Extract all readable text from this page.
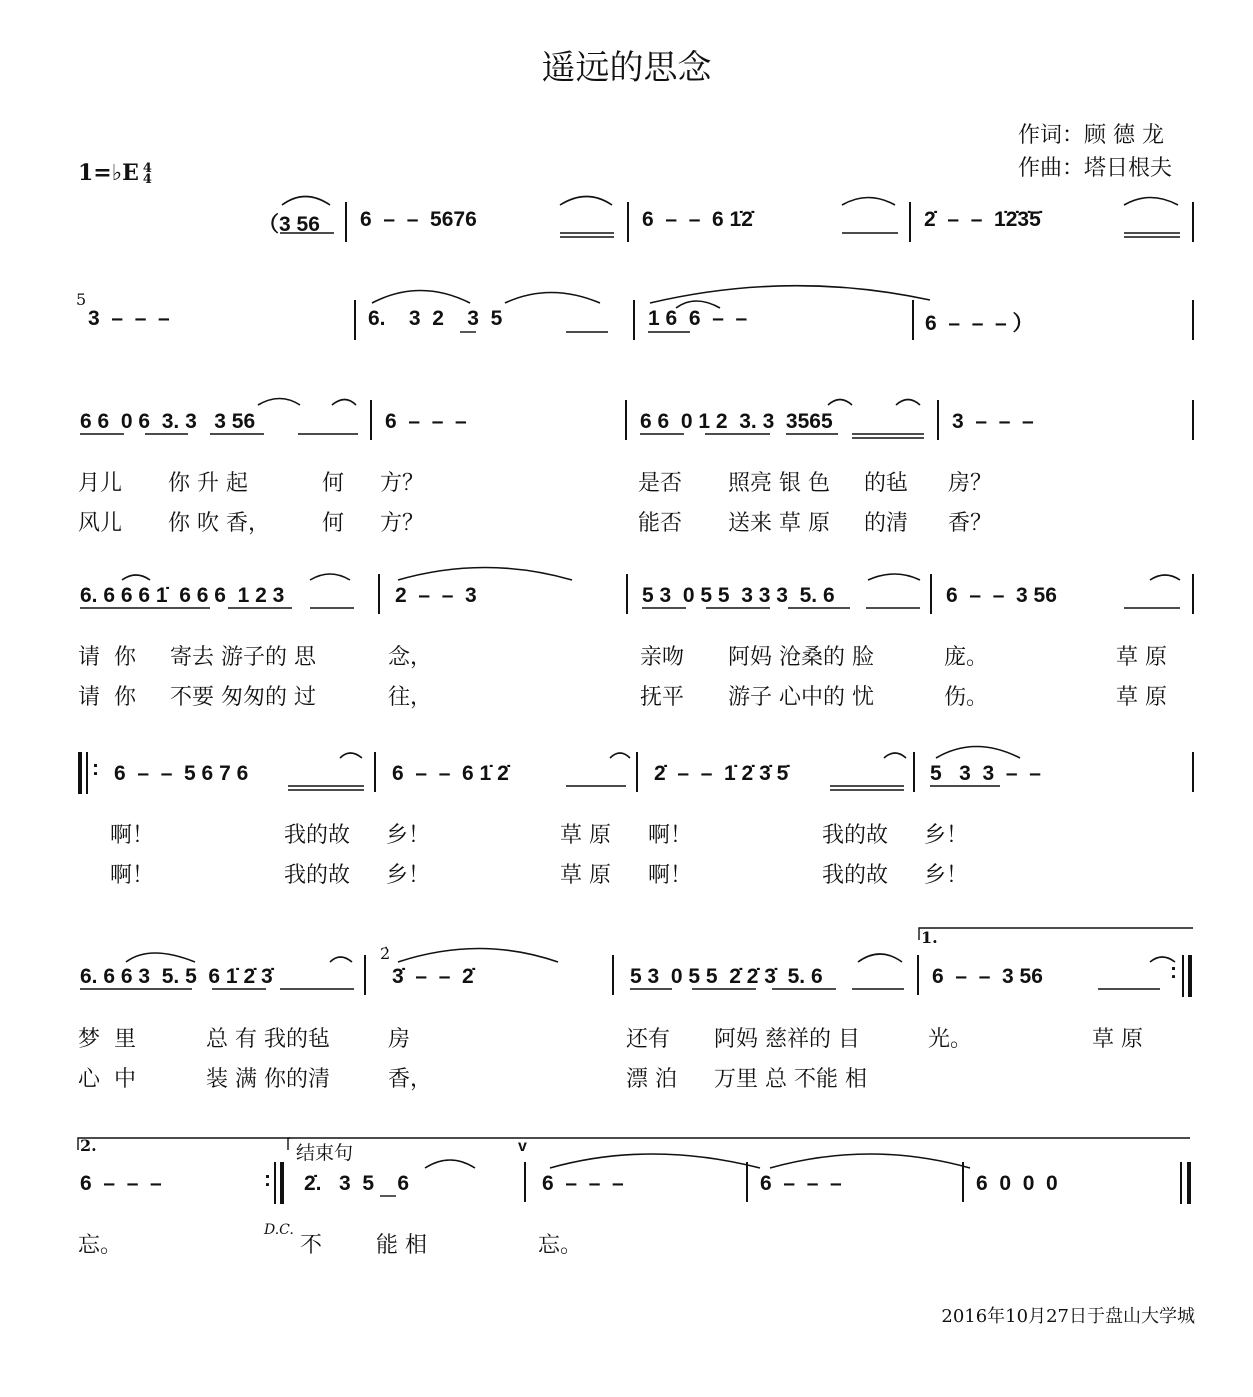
遥远的思念
作词：顾 德 龙
作曲：塔日根夫
1=♭E 4
4
（3 56 6  –  –  5676	6  –  –  6 1̇2̇	2̇  –  –  1̇2̇3̇5̇
5
3  –  –  –	6.    3  2    3  5	1 6  6  –  –	6  –  –  – ）
6 6  0 6  3. 3   3 56	6  –  –  –	6 6  0 1 2  3. 3  3565	3  –  –  –
月儿 你 升 起	何 方？	是否 照亮 银 色 的毡 房？
风儿 你 吹 香， 何 方？	能否 送来 草 原 的清 香？
6. 6 6 6 1̇  6 6 6  1 2 3	2  –  –  3	5 3  0 5 5  3 3 3  5. 6	6  –  –  3 56
请  你 寄去 游子的 思	念，	亲吻 阿妈 沧桑的 脸	庞。	草 原
请  你 不要 匆匆的 过	往，	抚平 游子 心中的 忧	伤。	草 原
: 6  –  –  5 6 7 6	6  –  –  6 1̇ 2̇	2̇  –  –  1̇ 2̇ 3̇ 5̇	5   3  3  –  –
啊！	我的故 乡！	草 原 啊！	我的故 乡！
啊！	我的故 乡！	草 原 啊！	我的故 乡！
1.
2̇
6. 6 6 3  5. 5  6 1̇ 2̇ 3̇	3̇  –  –  2̇	5 3  0 5 5  2̇ 2̇ 3̇  5. 6	6  –  –  3 56	:
梦  里	总 有 我的毡	房	还有 阿妈 慈祥的 目	光。	草 原
心  中	装 满 你的清	香，	漂 泊 万里 总 不能 相
2.	结束句	v
6  –  –  –	2̇.   3  5    6	6  –  –  –	6  –  –  –	6  0  0  0
:
D.C.
忘。	不 能 相	忘。
2016年10月27日于盘山大学城
